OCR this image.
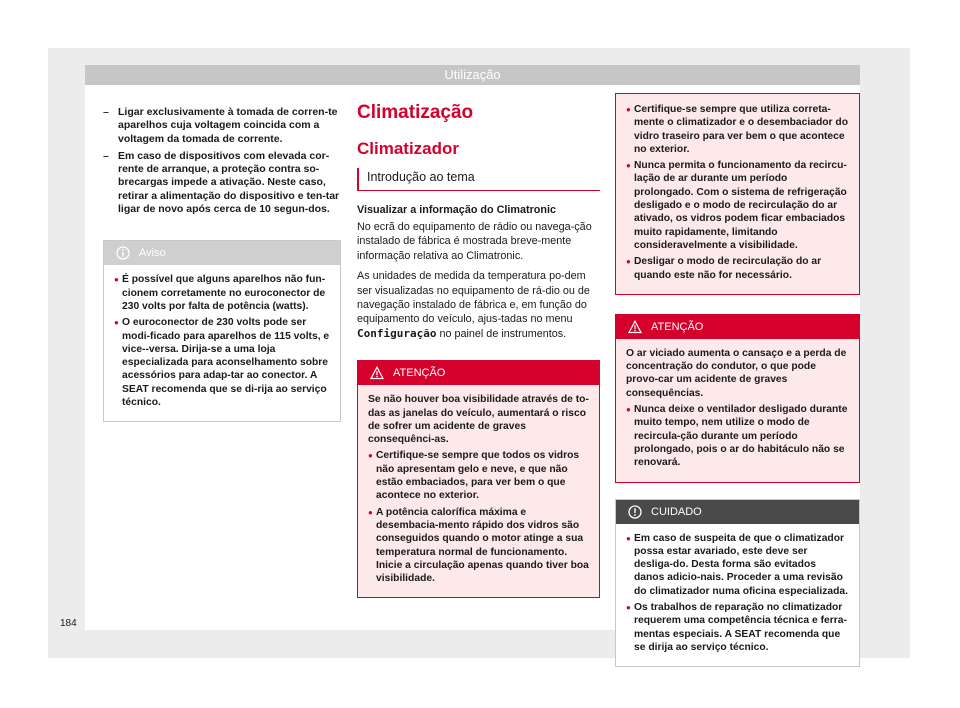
Utilização
– Ligar exclusivamente à tomada de corren-te aparelhos cuja voltagem coincida com a voltagem da tomada de corrente.
– Em caso de dispositivos com elevada cor-rente de arranque, a proteção contra so-brecargas impede a ativação. Neste caso, retirar a alimentação do dispositivo e ten-tar ligar de novo após cerca de 10 segun-dos.
Aviso
● É possível que alguns aparelhos não fun-cionem corretamente no euroconector de 230 volts por falta de potência (watts).
● O euroconector de 230 volts pode ser modi-ficado para aparelhos de 115 volts, e vice--versa. Dirija-se a uma loja especializada para aconselhamento sobre acessórios para adap-tar ao conector. A SEAT recomenda que se di-rija ao serviço técnico.
Climatização
Climatizador
Introdução ao tema
Visualizar a informação do Climatronic
No ecrã do equipamento de rádio ou navega-ção instalado de fábrica é mostrada breve-mente informação relativa ao Climatronic.
As unidades de medida da temperatura po-dem ser visualizadas no equipamento de rá-dio ou de navegação instalado de fábrica e, em função do equipamento do veículo, ajus-tadas no menu Configuração no painel de instrumentos.
ATENÇÃO
Se não houver boa visibilidade através de to-das as janelas do veículo, aumentará o risco de sofrer um acidente de graves consequênci-as.
● Certifique-se sempre que todos os vidros não apresentam gelo e neve, e que não estão embaciados, para ver bem o que acontece no exterior.
● A potência calorífica máxima e desembacia-mento rápido dos vidros são conseguidos quando o motor atinge a sua temperatura normal de funcionamento. Inicie a circulação apenas quando tiver boa visibilidade.
● Certifique-se sempre que utiliza correta-mente o climatizador e o desembaciador do vidro traseiro para ver bem o que acontece no exterior.
● Nunca permita o funcionamento da recircu-lação de ar durante um período prolongado. Com o sistema de refrigeração desligado e o modo de recirculação do ar ativado, os vidros podem ficar embaciados muito rapidamente, limitando consideravelmente a visibilidade.
● Desligar o modo de recirculação do ar quando este não for necessário.
ATENÇÃO
O ar viciado aumenta o cansaço e a perda de concentração do condutor, o que pode provo-car um acidente de graves consequências.
● Nunca deixe o ventilador desligado durante muito tempo, nem utilize o modo de recircula-ção durante um período prolongado, pois o ar do habitáculo não se renovará.
CUIDADO
● Em caso de suspeita de que o climatizador possa estar avariado, este deve ser desliga-do. Desta forma são evitados danos adicio-nais. Proceder a uma revisão do climatizador numa oficina especializada.
● Os trabalhos de reparação no climatizador requerem uma competência técnica e ferra-mentas especiais. A SEAT recomenda que se dirija ao serviço técnico.
184
